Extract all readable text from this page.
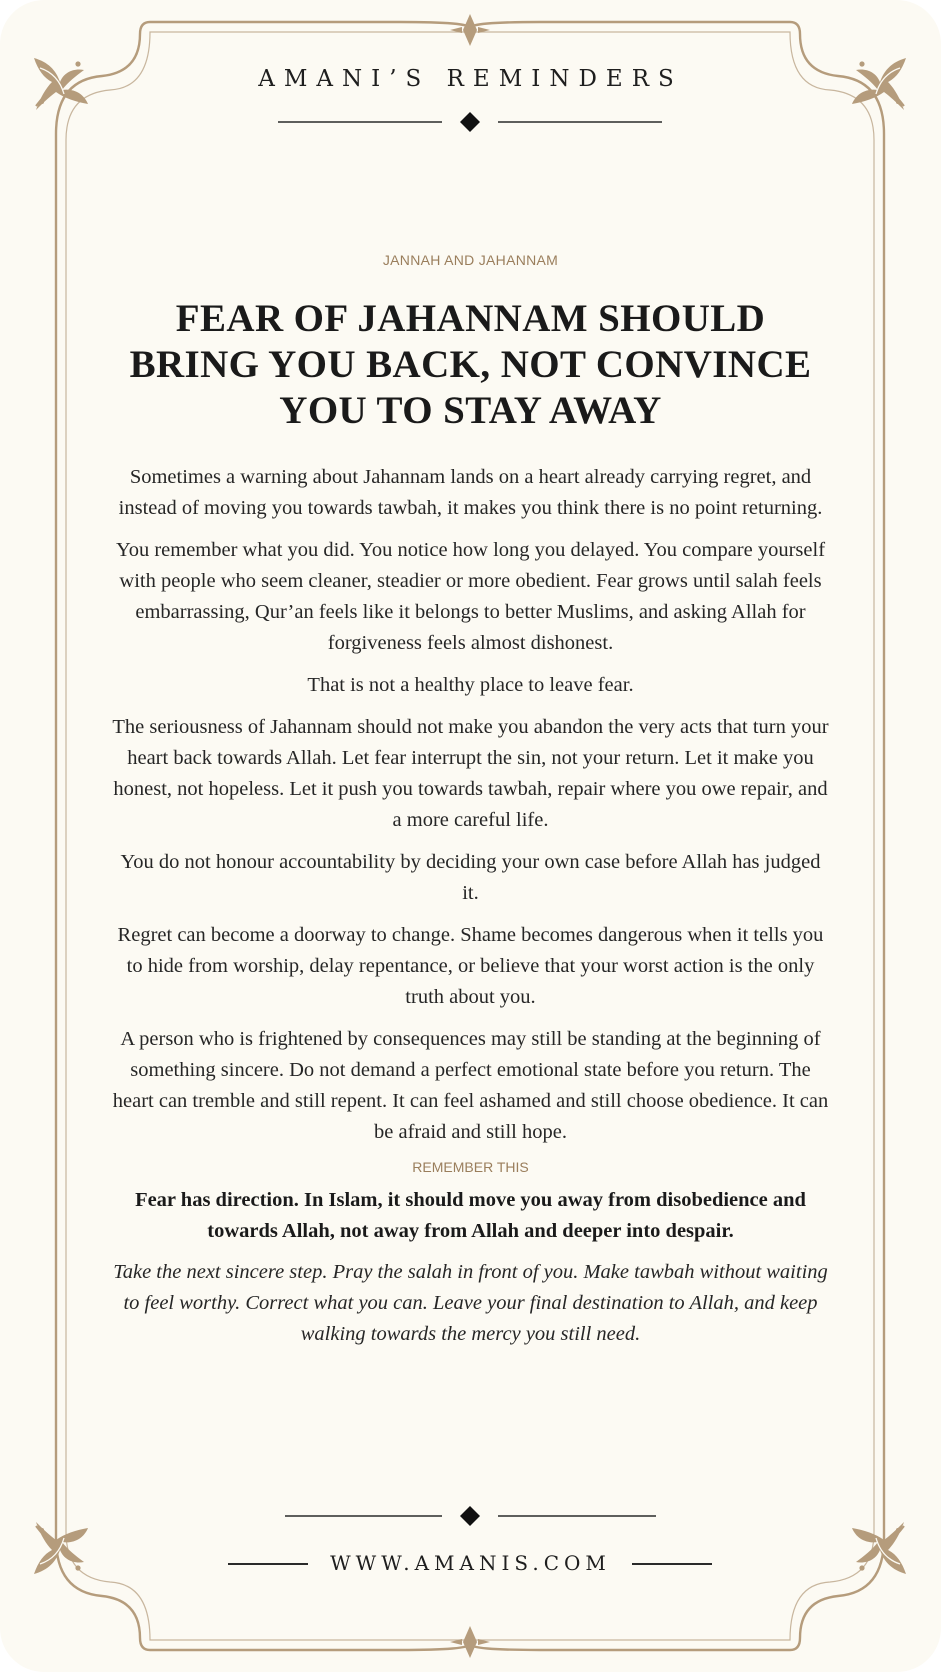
AMANI’S REMINDERS
JANNAH AND JAHANNAM
FEAR OF JAHANNAM SHOULD BRING YOU BACK, NOT CONVINCE YOU TO STAY AWAY

Sometimes a warning about Jahannam lands on a heart already carrying regret, and instead of moving you towards tawbah, it makes you think there is no point returning.

You remember what you did. You notice how long you delayed. You compare yourself with people who seem cleaner, steadier or more obedient. Fear grows until salah feels embarrassing, Qur’an feels like it belongs to better Muslims, and asking Allah for forgiveness feels almost dishonest.

That is not a healthy place to leave fear.

The seriousness of Jahannam should not make you abandon the very acts that turn your heart back towards Allah. Let fear interrupt the sin, not your return. Let it make you honest, not hopeless. Let it push you towards tawbah, repair where you owe repair, and a more careful life.

You do not honour accountability by deciding your own case before Allah has judged it.

Regret can become a doorway to change. Shame becomes dangerous when it tells you to hide from worship, delay repentance, or believe that your worst action is the only truth about you.

A person who is frightened by consequences may still be standing at the beginning of something sincere. Do not demand a perfect emotional state before you return. The heart can tremble and still repent. It can feel ashamed and still choose obedience. It can be afraid and still hope.

REMEMBER THIS

Fear has direction. In Islam, it should move you away from disobedience and towards Allah, not away from Allah and deeper into despair.

Take the next sincere step. Pray the salah in front of you. Make tawbah without waiting to feel worthy. Correct what you can. Leave your final destination to Allah, and keep walking towards the mercy you still need.

WWW.AMANIS.COM
